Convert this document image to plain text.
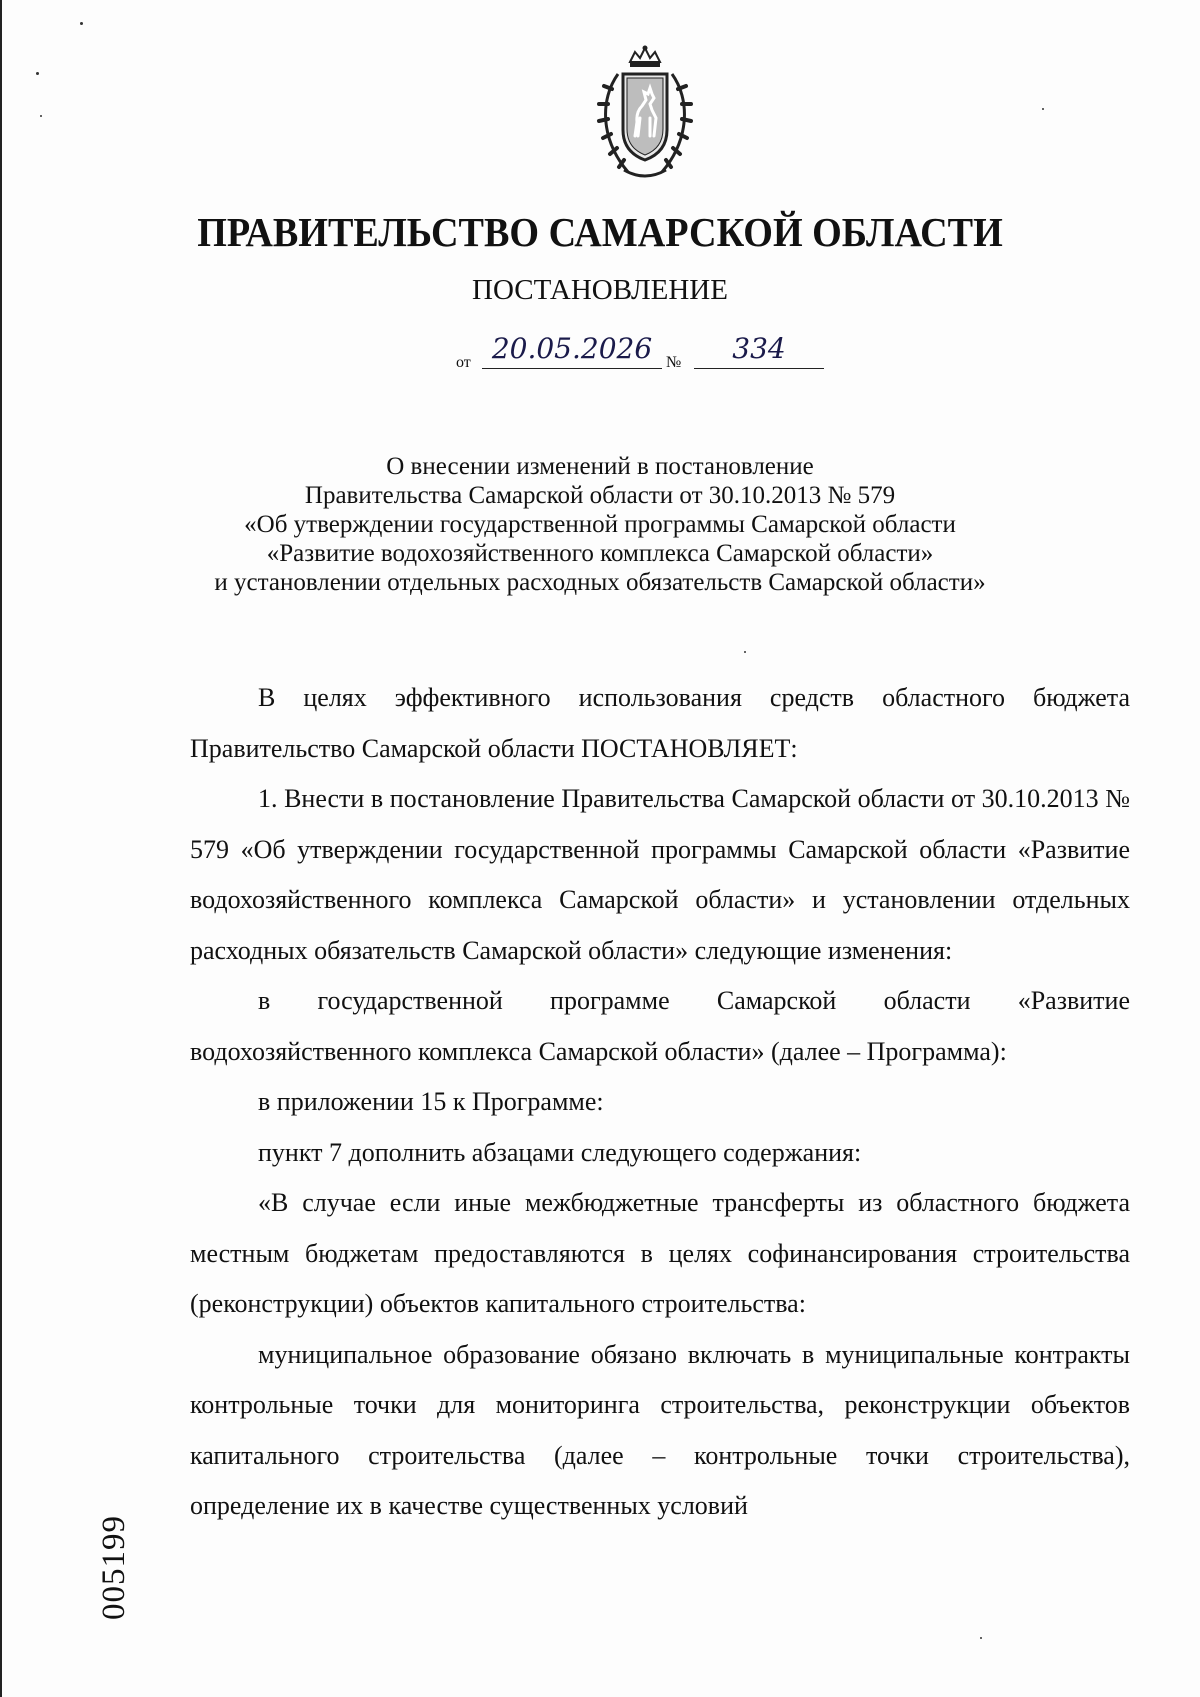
ПРАВИТЕЛЬСТВО САМАРСКОЙ ОБЛАСТИ
ПОСТАНОВЛЕНИЕ
от 20.05.2026 №	334
О внесении изменений в постановление
Правительства Самарской области от 30.10.2013 № 579
«Об утверждении государственной программы Самарской области
«Развитие водохозяйственного комплекса Самарской области»
и установлении отдельных расходных обязательств Самарской области»

В целях эффективного использования средств областного бюджета Правительство Самарской области ПОСТАНОВЛЯЕТ:

1. Внести в постановление Правительства Самарской области от 30.10.2013 № 579 «Об утверждении государственной программы Самарской области «Развитие водохозяйственного комплекса Самарской области» и установлении отдельных расходных обязательств Самарской области» следующие изменения:

в государственной программе Самарской области «Развитие водохозяйственного комплекса Самарской области» (далее – Программа):

в приложении 15 к Программе:

пункт 7 дополнить абзацами следующего содержания:

«В случае если иные межбюджетные трансферты из областного бюджета местным бюджетам предоставляются в целях софинансирования строительства (реконструкции) объектов капитального строительства:

муниципальное образование обязано включать в муниципальные контракты контрольные точки для мониторинга строительства, реконструкции объектов капитального строительства (далее – контрольные точки строительства), определение их в качестве существенных условий

005199
